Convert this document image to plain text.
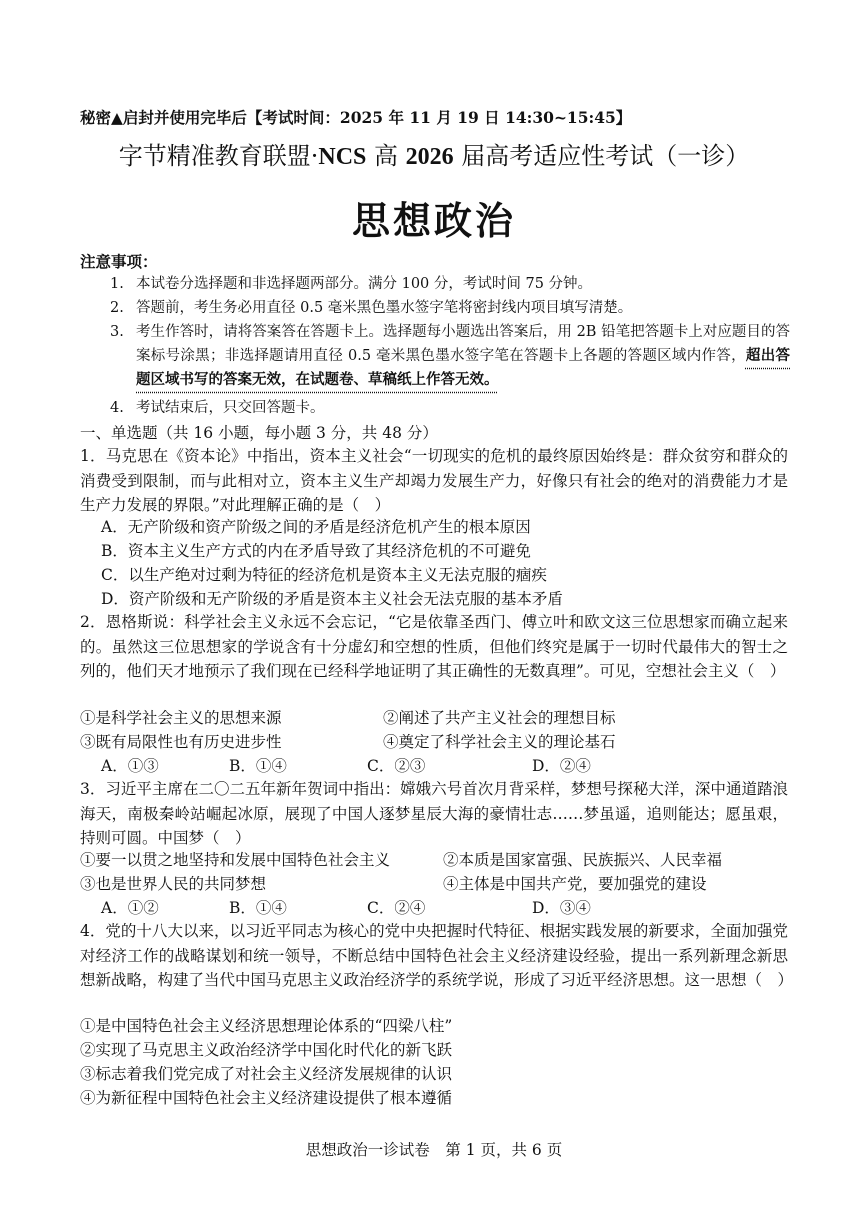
秘密▲启封并使用完毕后【考试时间：2025 年 11 月 19 日 14:30~15:45】
字节精准教育联盟·NCS 高 2026 届高考适应性考试（一诊）
思想政治
注意事项：
1. 本试卷分选择题和非选择题两部分。满分 100 分，考试时间 75 分钟。
2. 答题前，考生务必用直径 0.5 毫米黑色墨水签字笔将密封线内项目填写清楚。
3. 考生作答时，请将答案答在答题卡上。选择题每小题选出答案后，用 2B 铅笔把答题卡上对应题目的答案标号涂黑；非选择题请用直径 0.5 毫米黑色墨水签字笔在答题卡上各题的答题区域内作答，超出答题区域书写的答案无效，在试题卷、草稿纸上作答无效。
4. 考试结束后，只交回答题卡。
一、单选题（共 16 小题，每小题 3 分，共 48 分）
1．马克思在《资本论》中指出，资本主义社会“一切现实的危机的最终原因始终是：群众贫穷和群众的消费受到限制，而与此相对立，资本主义生产却竭力发展生产力，好像只有社会的绝对的消费能力才是生产力发展的界限。”对此理解正确的是（　）
A．无产阶级和资产阶级之间的矛盾是经济危机产生的根本原因
B．资本主义生产方式的内在矛盾导致了其经济危机的不可避免
C．以生产绝对过剩为特征的经济危机是资本主义无法克服的痼疾
D．资产阶级和无产阶级的矛盾是资本主义社会无法克服的基本矛盾
2．恩格斯说：科学社会主义永远不会忘记，“它是依靠圣西门、傅立叶和欧文这三位思想家而确立起来的。虽然这三位思想家的学说含有十分虚幻和空想的性质，但他们终究是属于一切时代最伟大的智士之列的，他们天才地预示了我们现在已经科学地证明了其正确性的无数真理”。可见，空想社会主义（　）
①是科学社会主义的思想来源	②阐述了共产主义社会的理想目标
③既有局限性也有历史进步性	④奠定了科学社会主义的理论基石
A．①③	B．①④	C．②③	D．②④
3．习近平主席在二〇二五年新年贺词中指出：嫦娥六号首次月背采样，梦想号探秘大洋，深中通道踏浪海天，南极秦岭站崛起冰原，展现了中国人逐梦星辰大海的豪情壮志……梦虽遥，追则能达；愿虽艰，持则可圆。中国梦（　）
①要一以贯之地坚持和发展中国特色社会主义	②本质是国家富强、民族振兴、人民幸福
③也是世界人民的共同梦想	④主体是中国共产党，要加强党的建设
A．①②	B．①④	C．②④	D．③④
4．党的十八大以来，以习近平同志为核心的党中央把握时代特征、根据实践发展的新要求，全面加强党对经济工作的战略谋划和统一领导，不断总结中国特色社会主义经济建设经验，提出一系列新理念新思想新战略，构建了当代中国马克思主义政治经济学的系统学说，形成了习近平经济思想。这一思想（　）
①是中国特色社会主义经济思想理论体系的“四梁八柱”
②实现了马克思主义政治经济学中国化时代化的新飞跃
③标志着我们党完成了对社会主义经济发展规律的认识
④为新征程中国特色社会主义经济建设提供了根本遵循
思想政治一诊试卷　第 1 页，共 6 页
